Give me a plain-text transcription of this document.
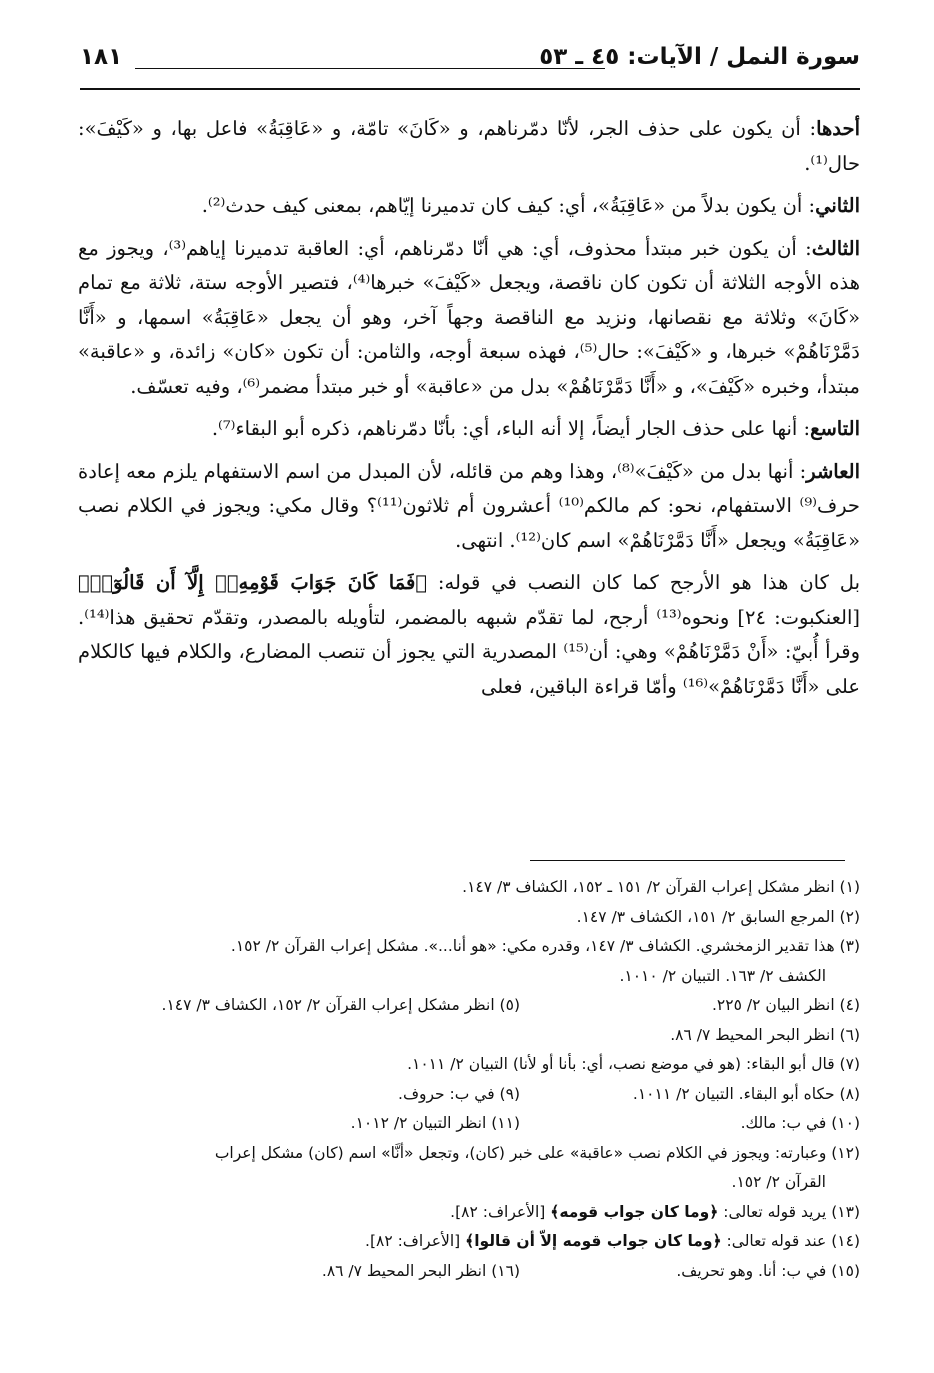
سورة النمل / الآيات: ٤٥ ـ ٥٣
١٨١

أحدها: أن يكون على حذف الجر، لأنّا دمّرناهم، و «كَانَ» تامّة، و «عَاقِبَةُ» فاعل بها، و «كَيْفَ»: حال⁽¹⁾.

الثاني: أن يكون بدلاً من «عَاقِبَةُ»، أي: كيف كان تدميرنا إيّاهم، بمعنى كيف حدث⁽²⁾.

الثالث: أن يكون خبر مبتدأ محذوف، أي: هي أنّا دمّرناهم، أي: العاقبة تدميرنا إياهم⁽³⁾، ويجوز مع هذه الأوجه الثلاثة أن تكون كان ناقصة، ويجعل «كَيْفَ» خبرها⁽⁴⁾، فتصير الأوجه ستة، ثلاثة مع تمام «كَانَ» وثلاثة مع نقصانها، ونزيد مع الناقصة وجهاً آخر، وهو أن يجعل «عَاقِبَةُ» اسمها، و «أَنَّا دَمَّرْنَاهُمْ» خبرها، و «كَيْفَ»: حال⁽⁵⁾، فهذه سبعة أوجه، والثامن: أن تكون «كان» زائدة، و «عاقبة» مبتدأ، وخبره «كَيْفَ»، و «أَنَّا دَمَّرْنَاهُمْ» بدل من «عاقبة» أو خبر مبتدأ مضمر⁽⁶⁾، وفيه تعسّف.

التاسع: أنها على حذف الجار أيضاً، إلا أنه الباء، أي: بأنّا دمّرناهم، ذكره أبو البقاء⁽⁷⁾.

العاشر: أنها بدل من «كَيْفَ»⁽⁸⁾، وهذا وهم من قائله، لأن المبدل من اسم الاستفهام يلزم معه إعادة حرف⁽⁹⁾ الاستفهام، نحو: كم مالكم⁽¹⁰⁾ أعشرون أم ثلاثون⁽¹¹⁾؟ وقال مكي: ويجوز في الكلام نصب «عَاقِبَةُ» ويجعل «أَنَّا دَمَّرْنَاهُمْ» اسم كان⁽¹²⁾. انتهى.

بل كان هذا هو الأرجح كما كان النصب في قوله: ﴿فَمَا كَانَ جَوَابَ قَوْمِهِۦٓ إِلَّآ أَن قَالُوٓا۟﴾ [العنكبوت: ٢٤] ونحوه⁽¹³⁾ أرجح، لما تقدّم شبهه بالمضمر، لتأويله بالمصدر، وتقدّم تحقيق هذا⁽¹⁴⁾. وقرأ أُبيّ: «أَنْ دَمَّرْنَاهُمْ» وهي: أن⁽¹⁵⁾ المصدرية التي يجوز أن تنصب المضارع، والكلام فيها كالكلام على «أَنَّا دَمَّرْنَاهُمْ»⁽¹⁶⁾ وأمّا قراءة الباقين، فعلى

(١) انظر مشكل إعراب القرآن ٢/ ١٥١ ـ ١٥٢، الكشاف ٣/ ١٤٧.

(٢) المرجع السابق ٢/ ١٥١، الكشاف ٣/ ١٤٧.

(٣) هذا تقدير الزمخشري. الكشاف ٣/ ١٤٧، وقدره مكي: «هو أنا...». مشكل إعراب القرآن ٢/ ١٥٢.

الكشف ٢/ ١٦٣. التبيان ٢/ ١٠١٠.

(٤) انظر البيان ٢/ ٢٢٥.
(٥) انظر مشكل إعراب القرآن ٢/ ١٥٢، الكشاف ٣/ ١٤٧.

(٦) انظر البحر المحيط ٧/ ٨٦.

(٧) قال أبو البقاء: (هو في موضع نصب، أي: بأنا أو لأنا) التبيان ٢/ ١٠١١.

(٨) حكاه أبو البقاء. التبيان ٢/ ١٠١١.
(٩) في ب: حروف.
(١٠) في ب: مالك.
(١١) انظر التبيان ٢/ ١٠١٢.

(١٢) وعبارته: ويجوز في الكلام نصب «عاقبة» على خبر (كان)، وتجعل «أنَّا» اسم (كان) مشكل إعراب

القرآن ٢/ ١٥٢.

(١٣) يريد قوله تعالى: ﴿وما كان جواب قومه﴾ [الأعراف: ٨٢].

(١٤) عند قوله تعالى: ﴿وما كان جواب قومه إلاّ أن قالوا﴾ [الأعراف: ٨٢].

(١٥) في ب: أنا. وهو تحريف.
(١٦) انظر البحر المحيط ٧/ ٨٦.
